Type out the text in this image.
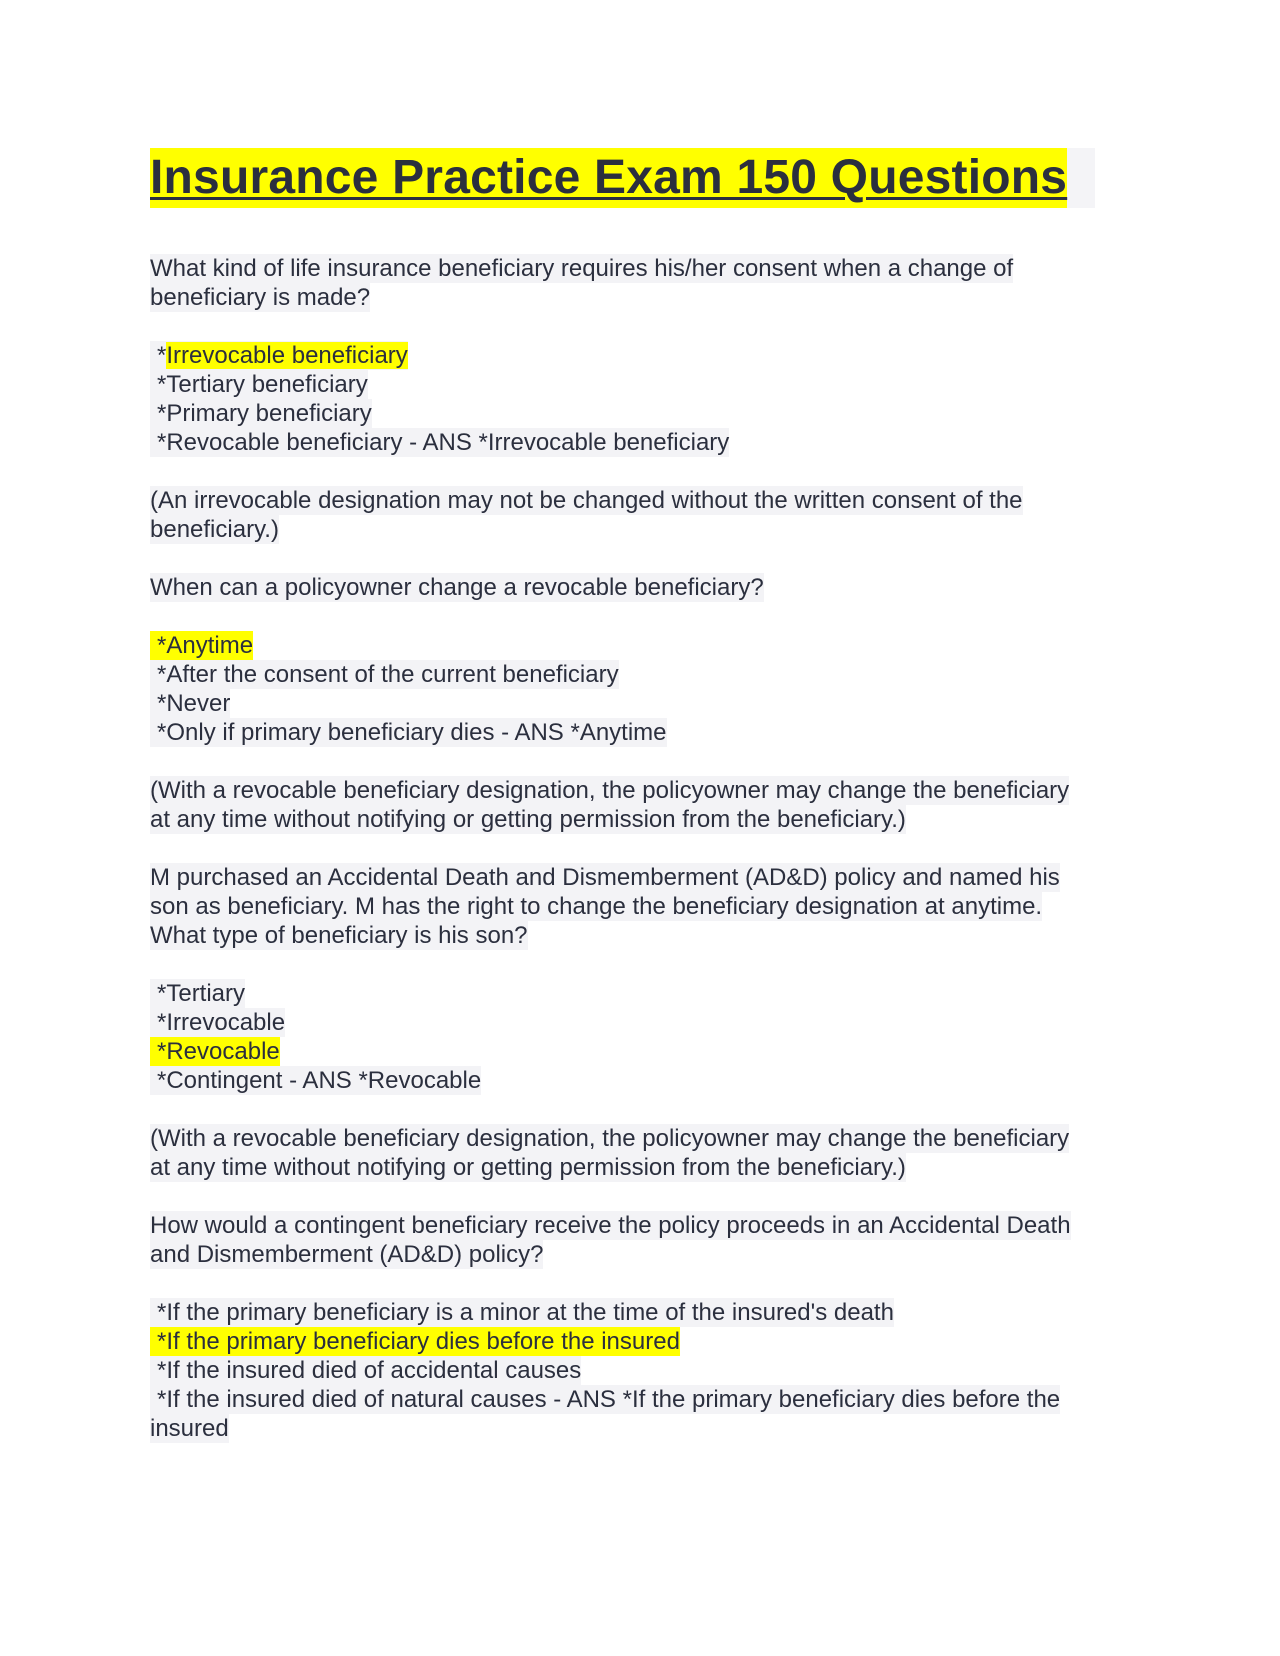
Insurance Practice Exam 150 Questions
What kind of life insurance beneficiary requires his/her consent when a change of
beneficiary is made?
*Irrevocable beneficiary
*Tertiary beneficiary
*Primary beneficiary
*Revocable beneficiary - ANS *Irrevocable beneficiary
(An irrevocable designation may not be changed without the written consent of the
beneficiary.)
When can a policyowner change a revocable beneficiary?
*Anytime
*After the consent of the current beneficiary
*Never
*Only if primary beneficiary dies - ANS *Anytime
(With a revocable beneficiary designation, the policyowner may change the beneficiary
at any time without notifying or getting permission from the beneficiary.)
M purchased an Accidental Death and Dismemberment (AD&D) policy and named his
son as beneficiary. M has the right to change the beneficiary designation at anytime.
What type of beneficiary is his son?
*Tertiary
*Irrevocable
*Revocable
*Contingent - ANS *Revocable
(With a revocable beneficiary designation, the policyowner may change the beneficiary
at any time without notifying or getting permission from the beneficiary.)
How would a contingent beneficiary receive the policy proceeds in an Accidental Death
and Dismemberment (AD&D) policy?
*If the primary beneficiary is a minor at the time of the insured's death
*If the primary beneficiary dies before the insured
*If the insured died of accidental causes
*If the insured died of natural causes - ANS *If the primary beneficiary dies before the
insured
